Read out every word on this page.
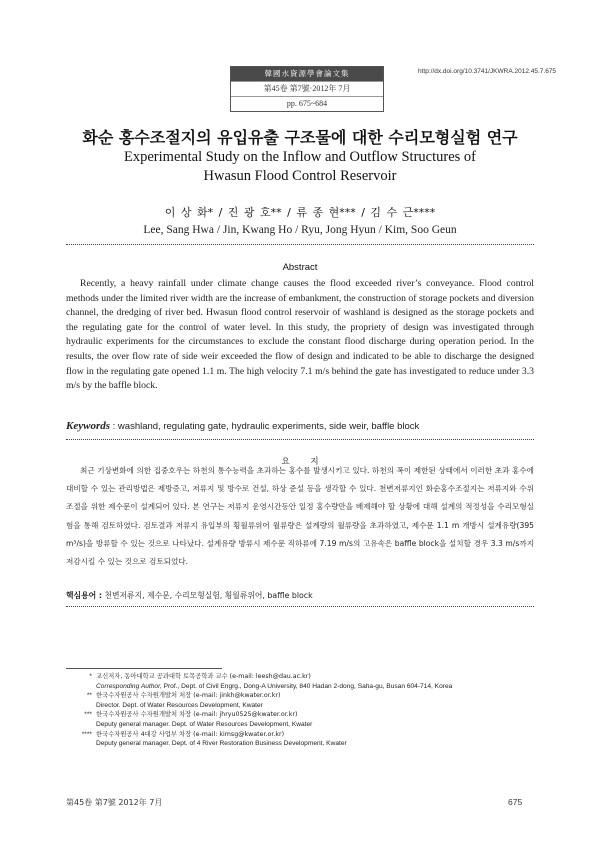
韓國水資源學會論文集
第45卷 第7號·2012年 7月
pp. 675~684
http://dx.doi.org/10.3741/JKWRA.2012.45.7.675
화순 홍수조절지의 유입유출 구조물에 대한 수리모형실험 연구
Experimental Study on the Inflow and Outflow Structures of
Hwasun Flood Control Reservoir
이 상 화* / 진 광 호** / 류 종 현*** / 김 수 근****
Lee, Sang Hwa / Jin, Kwang Ho / Ryu, Jong Hyun / Kim, Soo Geun
Abstract

Recently, a heavy rainfall under climate change causes the flood exceeded river’s conveyance. Flood control methods under the limited river width are the increase of embankment, the construction of storage pockets and diversion channel, the dredging of river bed. Hwasun flood control reservoir of washland is designed as the storage pockets and the regulating gate for the control of water level. In this study, the propriety of design was investigated through hydraulic experiments for the circumstances to exclude the constant flood discharge during operation period. In the results, the over flow rate of side weir exceeded the flow of design and indicated to be able to discharge the designed flow in the regulating gate opened 1.1 m. The high velocity 7.1 m/s behind the gate has investigated to reduce under 3.3 m/s by the baffle block.

Keywords : washland, regulating gate, hydraulic experiments, side weir, baffle block
요 지

최근 기상변화에 의한 집중호우는 하천의 통수능력을 초과하는 홍수를 발생시키고 있다. 하천의 폭이 제한된 상태에서 이러한 초과 홍수에 대비할 수 있는 관리방법은 제방증고, 저류지 및 방수로 건설, 하상 준설 등을 생각할 수 있다. 천변저류지인 화순홍수조절지는 저류지와 수위조절을 위한 제수문이 설계되어 있다. 본 연구는 저류지 운영시간동안 일정 홍수량만을 배제해야 할 상황에 대해 설계의 적정성을 수리모형실험을 통해 검토하였다. 검토결과 저류지 유입부의 횡월류위어 월류량은 설계량의 월류량을 초과하였고, 제수문 1.1 m 개방시 설계유량(395 m³/s)을 방류할 수 있는 것으로 나타났다. 설계유량 방류시 제수문 직하류에 7.19 m/s의 고유속은 baffle block을 설치할 경우 3.3 m/s까지 저감시킬 수 있는 것으로 검토되었다.

핵심용어 : 천변저류지, 제수문, 수리모형실험, 횡월류위어, baffle block
* 교신저자, 동아대학교 공과대학 토목공학과 교수 (e-mail: leesh@dau.ac.kr)
Corresponding Author, Prof., Dept. of Civil Engrg., Dong-A University, 840 Hadan 2-dong, Saha-gu, Busan 604-714, Korea
** 한국수자원공사 수자원개발처 처장 (e-mail: jinkh@kwater.or.kr)
Director. Dept. of Water Resources Development, Kwater
*** 한국수자원공사 수자원개발처 차장 (e-mail: jhryu0525@kwater.or.kr)
Deputy general manager. Dept. of Water Resources Development, Kwater
**** 한국수자원공사 4대강 사업부 차장 (e-mail: kimsg@kwater.or.kr)
Deputy general manager. Dept. of 4 River Restoration Business Development, Kwater
第45卷 第7號 2012年 7月	675
